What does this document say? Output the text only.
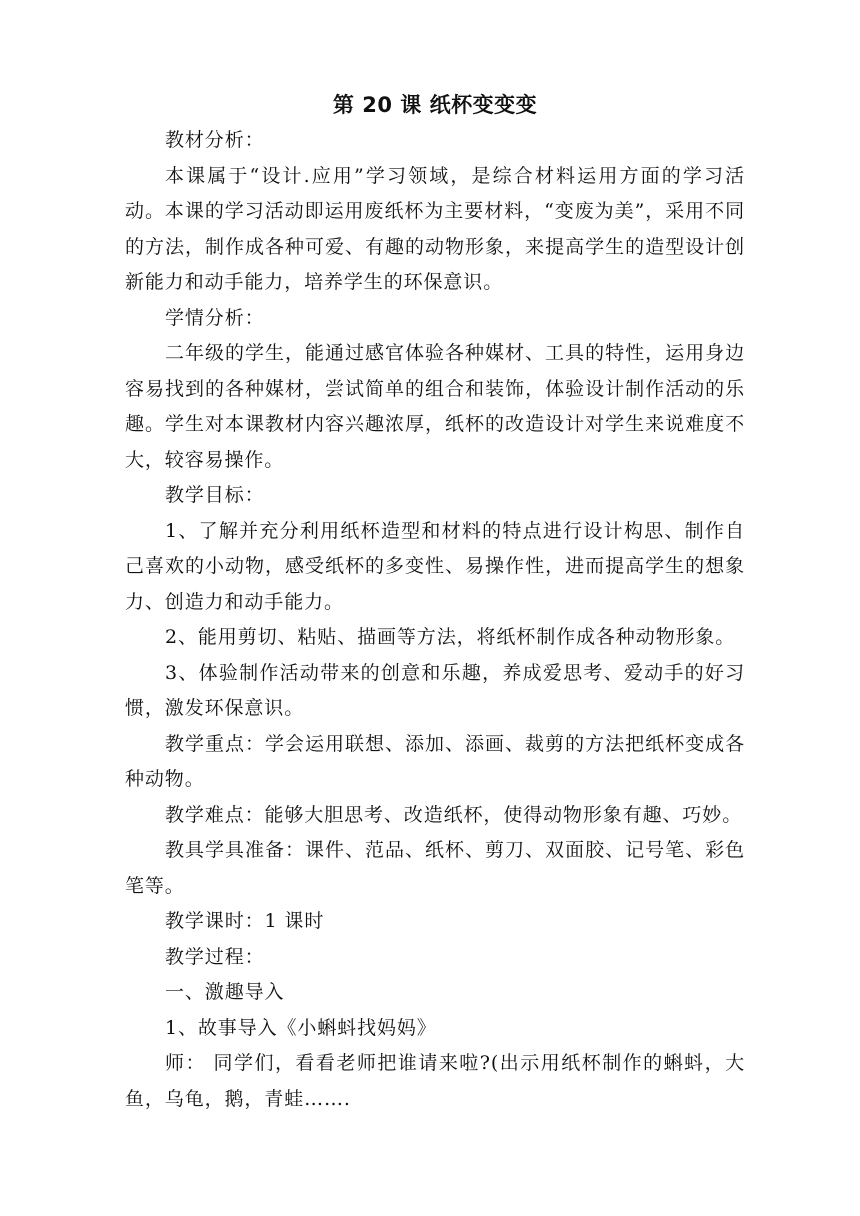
第 20 课 纸杯变变变

教材分析：

本课属于“设计.应用”学习领域，是综合材料运用方面的学习活动。本课的学习活动即运用废纸杯为主要材料，“变废为美”，采用不同的方法，制作成各种可爱、有趣的动物形象，来提高学生的造型设计创新能力和动手能力，培养学生的环保意识。

学情分析：

二年级的学生，能通过感官体验各种媒材、工具的特性，运用身边容易找到的各种媒材，尝试简单的组合和装饰，体验设计制作活动的乐趣。学生对本课教材内容兴趣浓厚，纸杯的改造设计对学生来说难度不大，较容易操作。

教学目标：

1、了解并充分利用纸杯造型和材料的特点进行设计构思、制作自己喜欢的小动物，感受纸杯的多变性、易操作性，进而提高学生的想象力、创造力和动手能力。

2、能用剪切、粘贴、描画等方法，将纸杯制作成各种动物形象。

3、体验制作活动带来的创意和乐趣，养成爱思考、爱动手的好习惯，激发环保意识。

教学重点：学会运用联想、添加、添画、裁剪的方法把纸杯变成各种动物。

教学难点：能够大胆思考、改造纸杯，使得动物形象有趣、巧妙。

教具学具准备：课件、范品、纸杯、剪刀、双面胶、记号笔、彩色笔等。

教学课时：1 课时

教学过程：

一、激趣导入

1、故事导入《小蝌蚪找妈妈》

师： 同学们，看看老师把谁请来啦?(出示用纸杯制作的蝌蚪，大鱼，乌龟，鹅，青蛙…….
